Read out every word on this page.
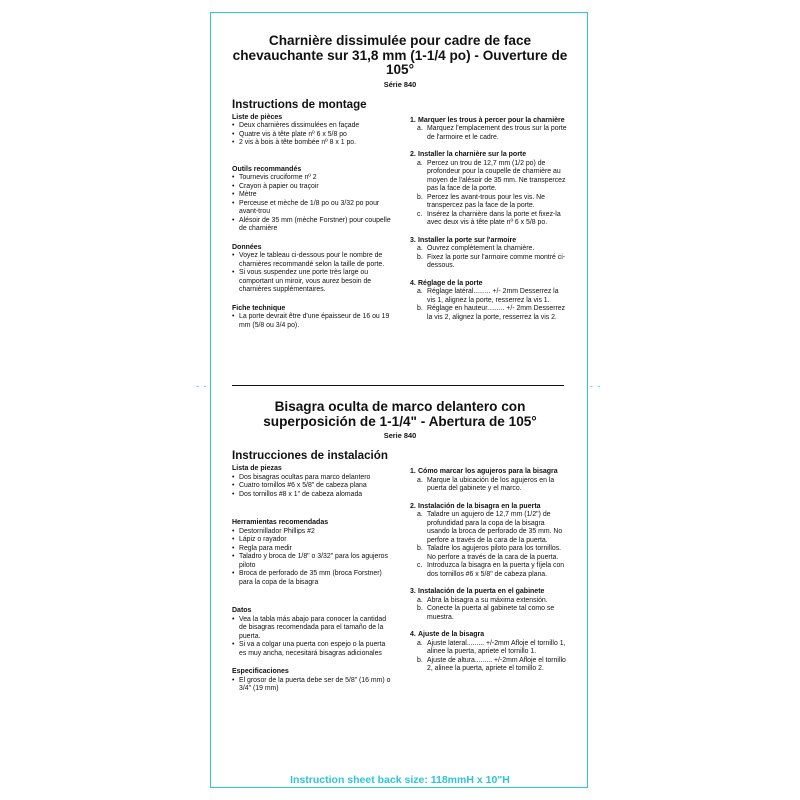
- -	- -
Charnière dissimulée pour cadre de face chevauchante sur 31,8 mm (1-1/4 po) - Ouverture de 105°
Série 840
Instructions de montage
Liste de pièces
• Deux charnières dissimulées en façade
• Quatre vis à tête plate nº 6 x 5/8 po
• 2 vis à bois à tête bombée nº 8 x 1 po.
Outils recommandés
• Tournevis cruciforme nº 2
• Crayon à papier ou traçoir
• Mètre
• Perceuse et mèche de 1/8 po ou 3/32 po pour avant-trou
• Alésoir de 35 mm (mèche Forstner) pour coupelle de charnière
Données
• Voyez le tableau ci-dessous pour le nombre de charnières recommandé selon la taille de porte.
• Si vous suspendez une porte très large ou comportant un miroir, vous aurez besoin de charnières supplémentaires.
Fiche technique
• La porte devrait être d'une épaisseur de 16 ou 19 mm (5/8 ou 3/4 po).
1. Marquer les trous à percer pour la charnière
a. Marquez l'emplacement des trous sur la porte de l'armoire et le cadre.
2. Installer la charnière sur la porte
a. Percez un trou de 12,7 mm (1/2 po) de profondeur pour la coupelle de charnière au moyen de l'alésoir de 35 mm. Ne transpercez pas la face de la porte.
b. Percez les avant-trous pour les vis. Ne transpercez pas la face de la porte.
c. Insérez la charnière dans la porte et fixez-la avec deux vis à tête plate nº 6 x 5/8 po.
3. Installer la porte sur l'armoire
a. Ouvrez complètement la charnière.
b. Fixez la porte sur l'armoire comme montré ci-dessous.
4. Réglage de la porte
a. Réglage latéral......... +/- 2mm Desserrez la vis 1, alignez la porte, resserrez la vis 1.
b. Réglage en hauteur......... +/- 2mm Desserrez la vis 2, alignez la porte, resserrez la vis 2.
Bisagra oculta de marco delantero con superposición de 1-1/4" - Abertura de 105°
Serie 840
Instrucciones de instalación
Lista de piezas
• Dos bisagras ocultas para marco delantero
• Cuatro tornillos #6 x 5/8" de cabeza plana
• Dos tornillos #8 x 1" de cabeza alomada
Herramientas recomendadas
• Destornillador Phillips #2
• Lápiz o rayador
• Regla para medir
• Taladro y broca de 1/8" o 3/32" para los agujeros piloto
• Broca de perforado de 35 mm (broca Forstner) para la copa de la bisagra
Datos
• Vea la tabla más abajo para conocer la cantidad de bisagras recomendada para el tamaño de la puerta.
• Si va a colgar una puerta con espejo o la puerta es muy ancha, necesitará bisagras adicionales
Especificaciones
• El grosor de la puerta debe ser de 5/8" (16 mm) o 3/4" (19 mm)
1. Cómo marcar los agujeros para la bisagra
a. Marque la ubicación de los agujeros en la puerta del gabinete y el marco.
2. Instalación de la bisagra en la puerta
a. Taladre un agujero de 12,7 mm (1/2") de profundidad para la copa de la bisagra usando la broca de perforado de 35 mm. No perfore a través de la cara de la puerta.
b. Taladre los agujeros piloto para los tornillos. No perfore a través de la cara de la puerta.
c. Introduzca la bisagra en la puerta y fíjela con dos tornillos #6 x 5/8" de cabeza plana.
3. Instalación de la puerta en el gabinete
a. Abra la bisagra a su máxima extensión.
b. Conecte la puerta al gabinete tal como se muestra.
4. Ajuste de la bisagra
a. Ajuste lateral......... +/-2mm Afloje el tornillo 1, alinee la puerta, apriete el tornillo 1.
b. Ajuste de altura......... +/-2mm Afloje el tornillo 2, alinee la puerta, apriete el tornillo 2.
Instruction sheet back size: 118mmH x 10"H
